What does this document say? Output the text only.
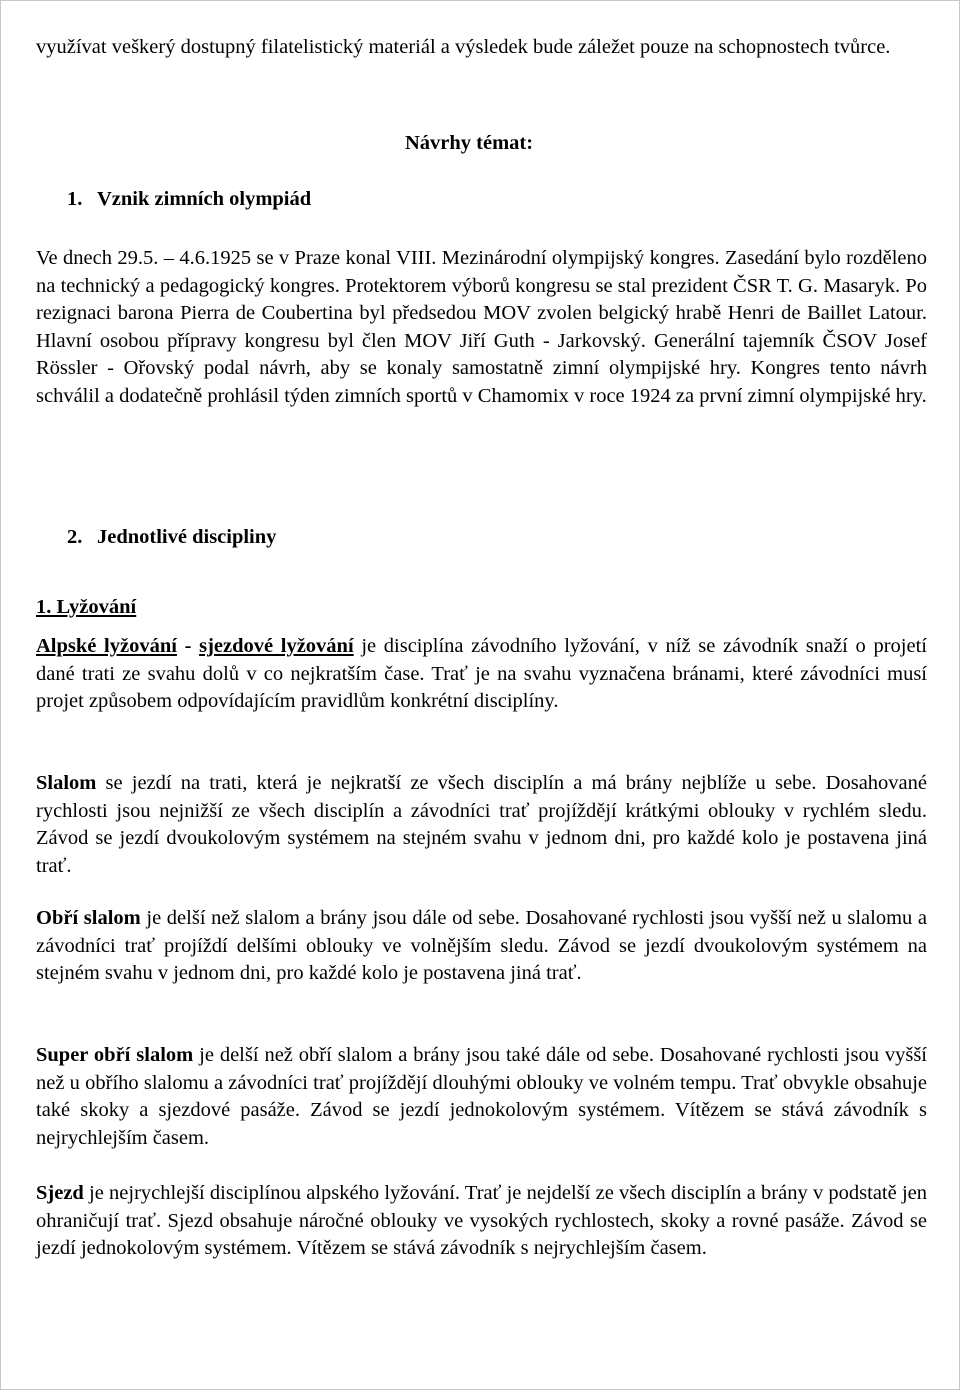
využívat veškerý dostupný filatelistický materiál a výsledek bude záležet pouze na schopnostech tvůrce.

Návrhy témat:
1. Vznik zimních olympiád

Ve dnech 29.5. – 4.6.1925 se v Praze konal VIII. Mezinárodní olympijský kongres. Zasedání bylo rozděleno na technický a pedagogický kongres. Protektorem výborů kongresu se stal prezident ČSR T. G. Masaryk. Po rezignaci barona Pierra de Coubertina byl předsedou MOV zvolen belgický hrabě Henri de Baillet Latour. Hlavní osobou přípravy kongresu byl člen MOV Jiří Guth - Jarkovský. Generální tajemník ČSOV Josef Rössler - Ořovský podal návrh, aby se konaly samostatně zimní olympijské hry. Kongres tento návrh schválil a dodatečně prohlásil týden zimních sportů v Chamomix v roce 1924 za první zimní olympijské hry.

2. Jednotlivé discipliny
1. Lyžování

Alpské lyžování - sjezdové lyžování je disciplína závodního lyžování, v níž se závodník snaží o projetí dané trati ze svahu dolů v co nejkratším čase. Trať je na svahu vyznačena bránami, které závodníci musí projet způsobem odpovídajícím pravidlům konkrétní disciplíny.

Slalom se jezdí na trati, která je nejkratší ze všech disciplín a má brány nejblíže u sebe. Dosahované rychlosti jsou nejnižší ze všech disciplín a závodníci trať projíždějí krátkými oblouky v rychlém sledu. Závod se jezdí dvoukolovým systémem na stejném svahu v jednom dni, pro každé kolo je postavena jiná trať.

Obří slalom je delší než slalom a brány jsou dále od sebe. Dosahované rychlosti jsou vyšší než u slalomu a závodníci trať projíždí delšími oblouky ve volnějším sledu. Závod se jezdí dvoukolovým systémem na stejném svahu v jednom dni, pro každé kolo je postavena jiná trať.

Super obří slalom je delší než obří slalom a brány jsou také dále od sebe. Dosahované rychlosti jsou vyšší než u obřího slalomu a závodníci trať projíždějí dlouhými oblouky ve volném tempu. Trať obvykle obsahuje také skoky a sjezdové pasáže. Závod se jezdí jednokolovým systémem. Vítězem se stává závodník s nejrychlejším časem.

Sjezd je nejrychlejší disciplínou alpského lyžování. Trať je nejdelší ze všech disciplín a brány v podstatě jen ohraničují trať. Sjezd obsahuje náročné oblouky ve vysokých rychlostech, skoky a rovné pasáže. Závod se jezdí jednokolovým systémem. Vítězem se stává závodník s nejrychlejším časem.
